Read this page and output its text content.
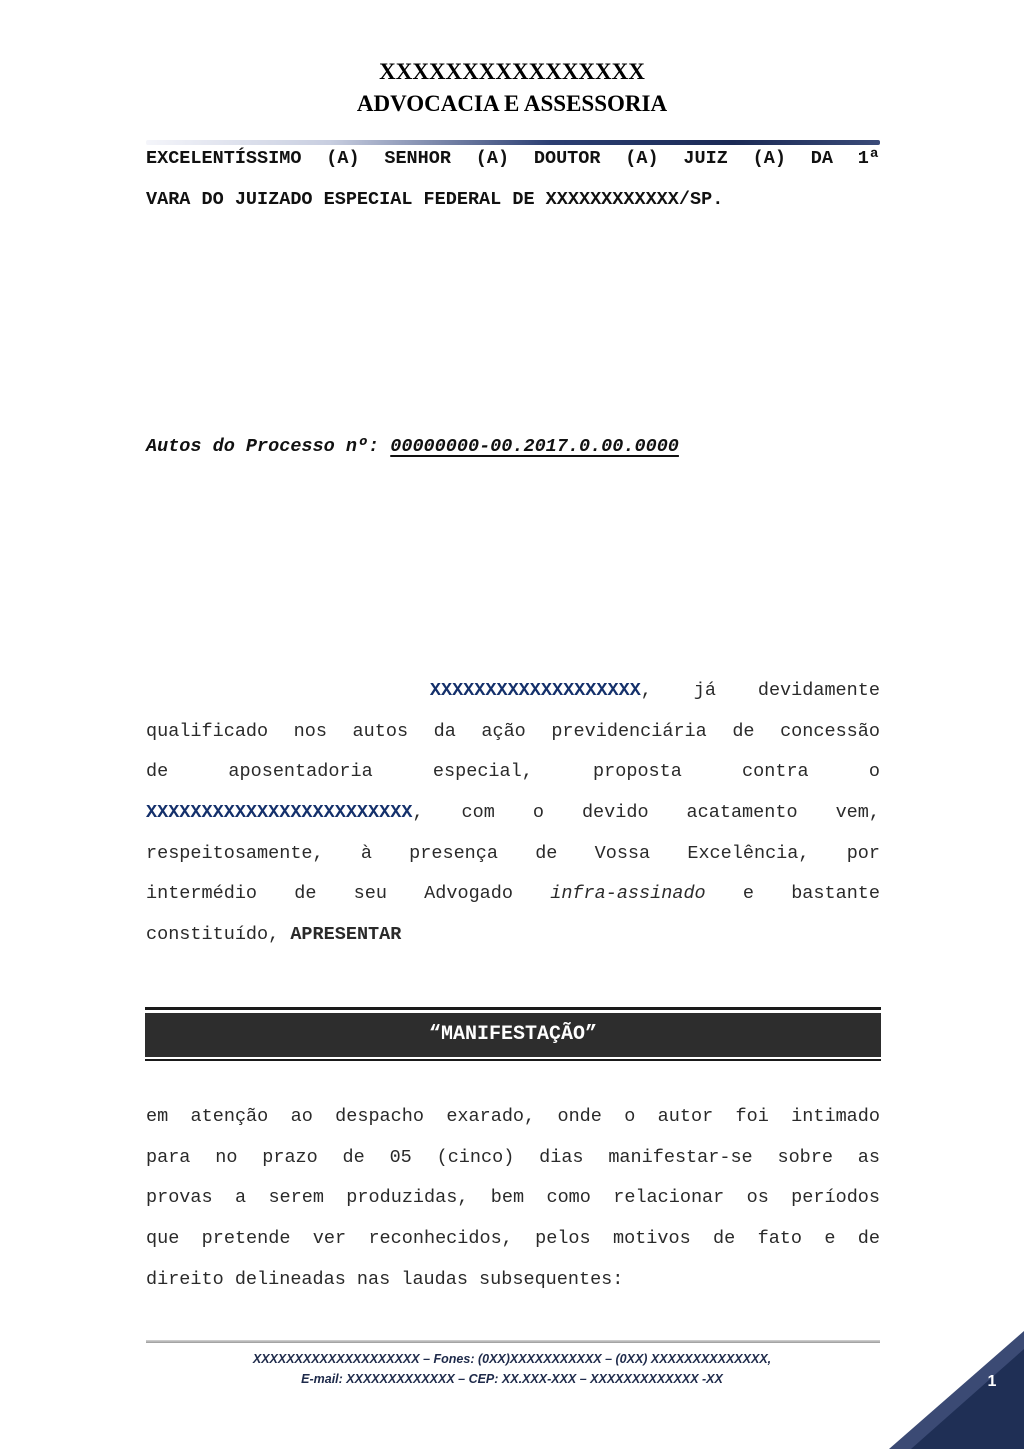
XXXXXXXXXXXXXXXX
ADVOCACIA E ASSESSORIA
EXCELENTÍSSIMO (A) SENHOR (A) DOUTOR (A) JUIZ (A) DA 1ª
VARA DO JUIZADO ESPECIAL FEDERAL DE XXXXXXXXXXXX/SP.
Autos do Processo nº: 00000000-00.2017.0.00.0000
XXXXXXXXXXXXXXXXXXX, já devidamente
qualificado nos autos da ação previdenciária de concessão
de	aposentadoria	especial,	proposta	contra	o
XXXXXXXXXXXXXXXXXXXXXXXX, com o devido acatamento vem,
respeitosamente, à presença de Vossa Excelência, por
intermédio de seu Advogado infra-assinado e bastante
constituído, APRESENTAR
“MANIFESTAÇÃO”
em atenção ao despacho exarado, onde o autor foi intimado
para no prazo de 05 (cinco) dias manifestar-se sobre as
provas a serem produzidas, bem como relacionar os períodos
que pretende ver reconhecidos, pelos motivos de fato e de
direito delineadas nas laudas subsequentes:
XXXXXXXXXXXXXXXXXXXX – Fones: (0XX)XXXXXXXXXXX – (0XX) XXXXXXXXXXXXXX,
E-mail: XXXXXXXXXXXXX – CEP: XX.XXX-XXX – XXXXXXXXXXXXX -XX	1
